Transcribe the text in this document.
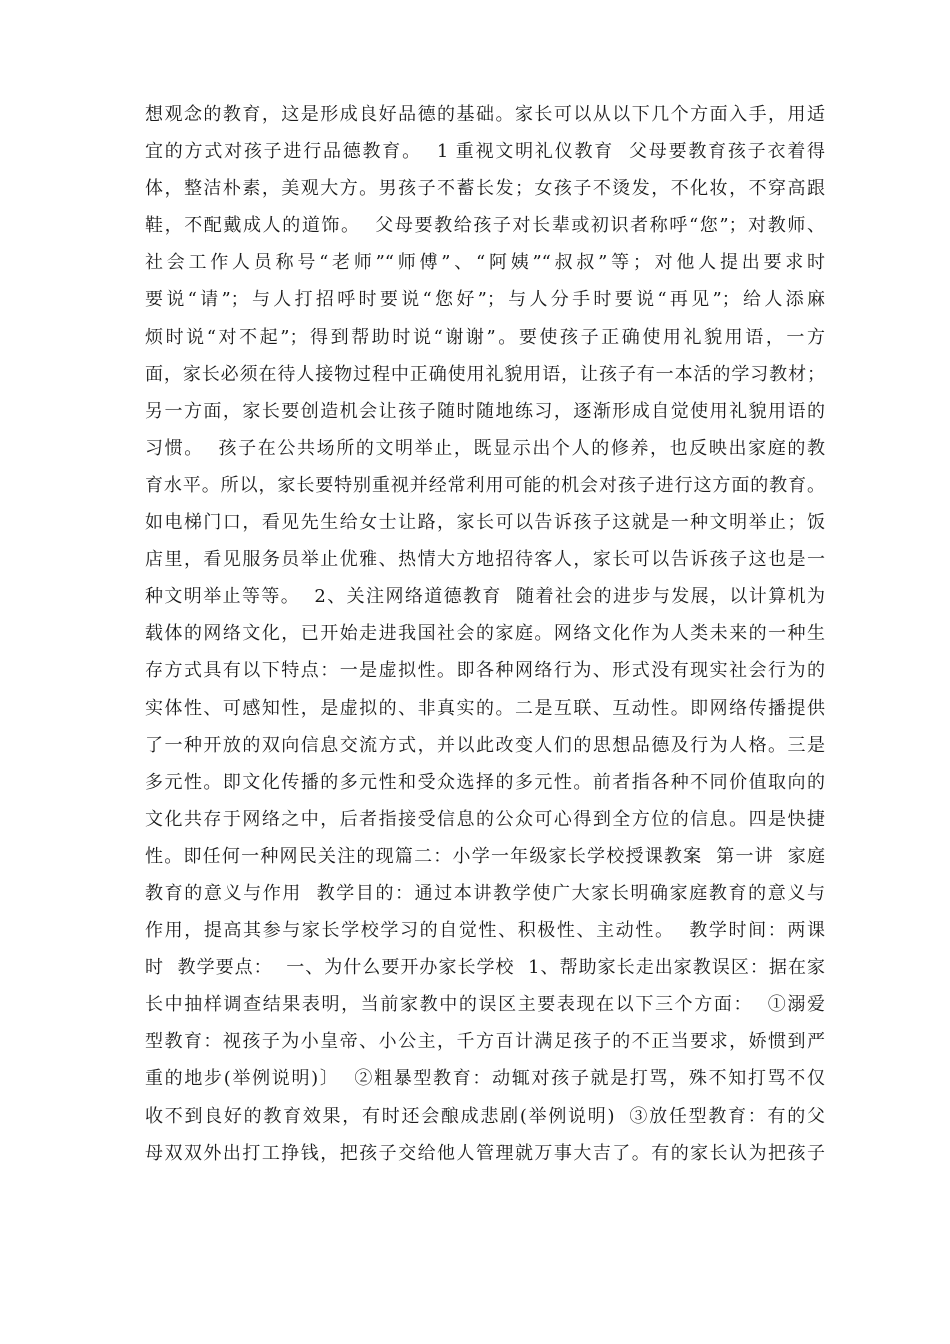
想观念的教育，这是形成良好品德的基础。家长可以从以下几个方面入手，用适
宜的方式对孩子进行品德教育。  1 重视文明礼仪教育  父母要教育孩子衣着得
体，整洁朴素，美观大方。男孩子不蓄长发；女孩子不烫发，不化妆，不穿高跟
鞋，不配戴成人的道饰。  父母要教给孩子对长辈或初识者称呼“您”；对教师、
社会工作人员称号“老师”“师傅”、“阿姨”“叔叔”等；对他人提出要求时
要说“请”；与人打招呼时要说“您好”；与人分手时要说“再见”；给人添麻
烦时说“对不起”；得到帮助时说“谢谢”。要使孩子正确使用礼貌用语，一方
面，家长必须在待人接物过程中正确使用礼貌用语，让孩子有一本活的学习教材；
另一方面，家长要创造机会让孩子随时随地练习，逐渐形成自觉使用礼貌用语的
习惯。  孩子在公共场所的文明举止，既显示出个人的修养，也反映出家庭的教
育水平。所以，家长要特别重视并经常利用可能的机会对孩子进行这方面的教育。
如电梯门口，看见先生给女士让路，家长可以告诉孩子这就是一种文明举止；饭
店里，看见服务员举止优雅、热情大方地招待客人，家长可以告诉孩子这也是一
种文明举止等等。  2、关注网络道德教育  随着社会的进步与发展，以计算机为
载体的网络文化，已开始走进我国社会的家庭。网络文化作为人类未来的一种生
存方式具有以下特点：一是虚拟性。即各种网络行为、形式没有现实社会行为的
实体性、可感知性，是虚拟的、非真实的。二是互联、互动性。即网络传播提供
了一种开放的双向信息交流方式，并以此改变人们的思想品德及行为人格。三是
多元性。即文化传播的多元性和受众选择的多元性。前者指各种不同价值取向的
文化共存于网络之中，后者指接受信息的公众可心得到全方位的信息。四是快捷
性。即任何一种网民关注的现篇二：小学一年级家长学校授课教案  第一讲  家庭
教育的意义与作用  教学目的：通过本讲教学使广大家长明确家庭教育的意义与
作用，提高其参与家长学校学习的自觉性、积极性、主动性。  教学时间：两课
时  教学要点：  一、为什么要开办家长学校  1、帮助家长走出家教误区：据在家
长中抽样调查结果表明，当前家教中的误区主要表现在以下三个方面：  ①溺爱
型教育：视孩子为小皇帝、小公主，千方百计满足孩子的不正当要求，娇惯到严
重的地步(举例说明)〕  ②粗暴型教育：动辄对孩子就是打骂，殊不知打骂不仅
收不到良好的教育效果，有时还会酿成悲剧(举例说明)  ③放任型教育：有的父
母双双外出打工挣钱，把孩子交给他人管理就万事大吉了。有的家长认为把孩子
